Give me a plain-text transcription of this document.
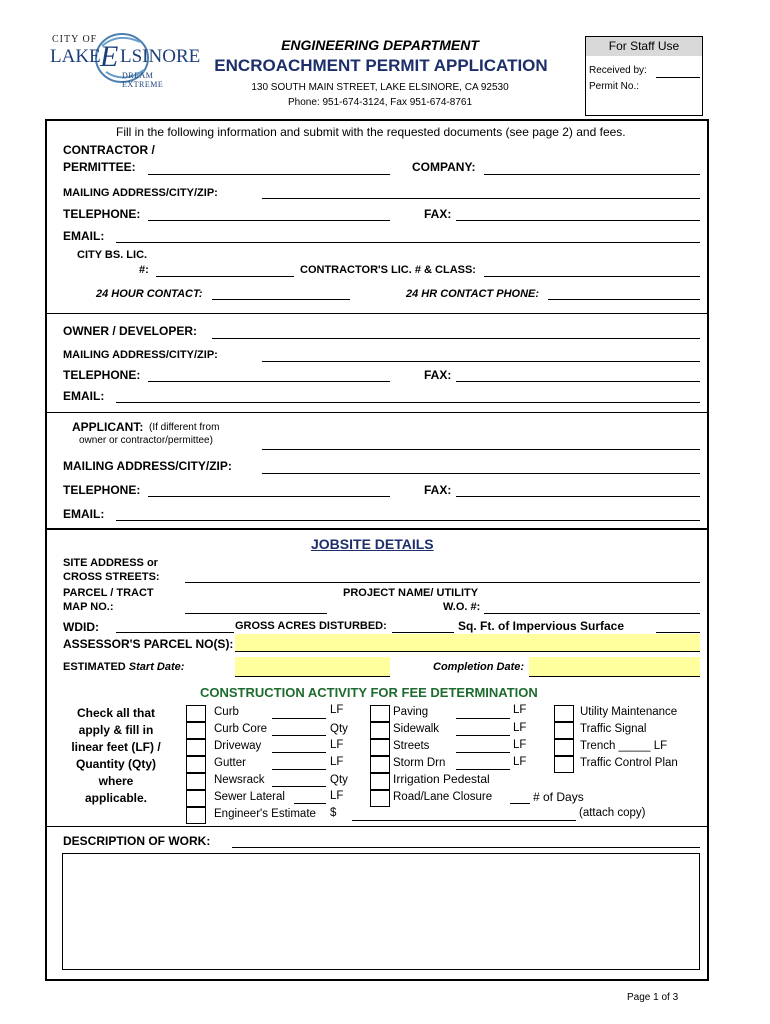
CITY OF
LAKE E LSINORE
DREAM EXTREME
ENGINEERING DEPARTMENT
ENCROACHMENT PERMIT APPLICATION
130 SOUTH MAIN STREET, LAKE ELSINORE, CA 92530
Phone: 951-674-3124, Fax 951-674-8761
For Staff Use
Received by:
Permit No.:
Fill in the following information and submit with the requested documents (see page 2) and fees.
CONTRACTOR /
PERMITTEE:	COMPANY:
MAILING ADDRESS/CITY/ZIP:
TELEPHONE:	FAX:
EMAIL:
CITY BS. LIC.
#:	CONTRACTOR'S LIC. # & CLASS:
24 HOUR CONTACT:	24 HR CONTACT PHONE:
OWNER / DEVELOPER:
MAILING ADDRESS/CITY/ZIP:
TELEPHONE:	FAX:
EMAIL:
APPLICANT: (If different from
owner or contractor/permittee)
MAILING ADDRESS/CITY/ZIP:
TELEPHONE:	FAX:
EMAIL:
JOBSITE DETAILS
SITE ADDRESS or
CROSS STREETS:
PARCEL / TRACT
MAP NO.:
PROJECT NAME/ UTILITY
W.O. #:
WDID:	GROSS ACRES DISTURBED:	Sq. Ft. of Impervious Surface
ASSESSOR'S PARCEL NO(S):
ESTIMATED Start Date:	Completion Date:
CONSTRUCTION ACTIVITY FOR FEE DETERMINATION
Check all that
apply & fill in
linear feet (LF) /
Quantity (Qty)
where
applicable.
Curb	LF
Curb Core	Qty
Driveway	LF
Gutter	LF
Newsrack	Qty
Sewer Lateral	LF
Engineer's Estimate $	(attach copy)
Paving	LF
Sidewalk	LF
Streets	LF
Storm Drn	LF
Irrigation Pedestal
Road/Lane Closure	# of Days
Utility Maintenance
Traffic Signal
Trench _____ LF
Traffic Control Plan
DESCRIPTION OF WORK:
Page 1 of 3
